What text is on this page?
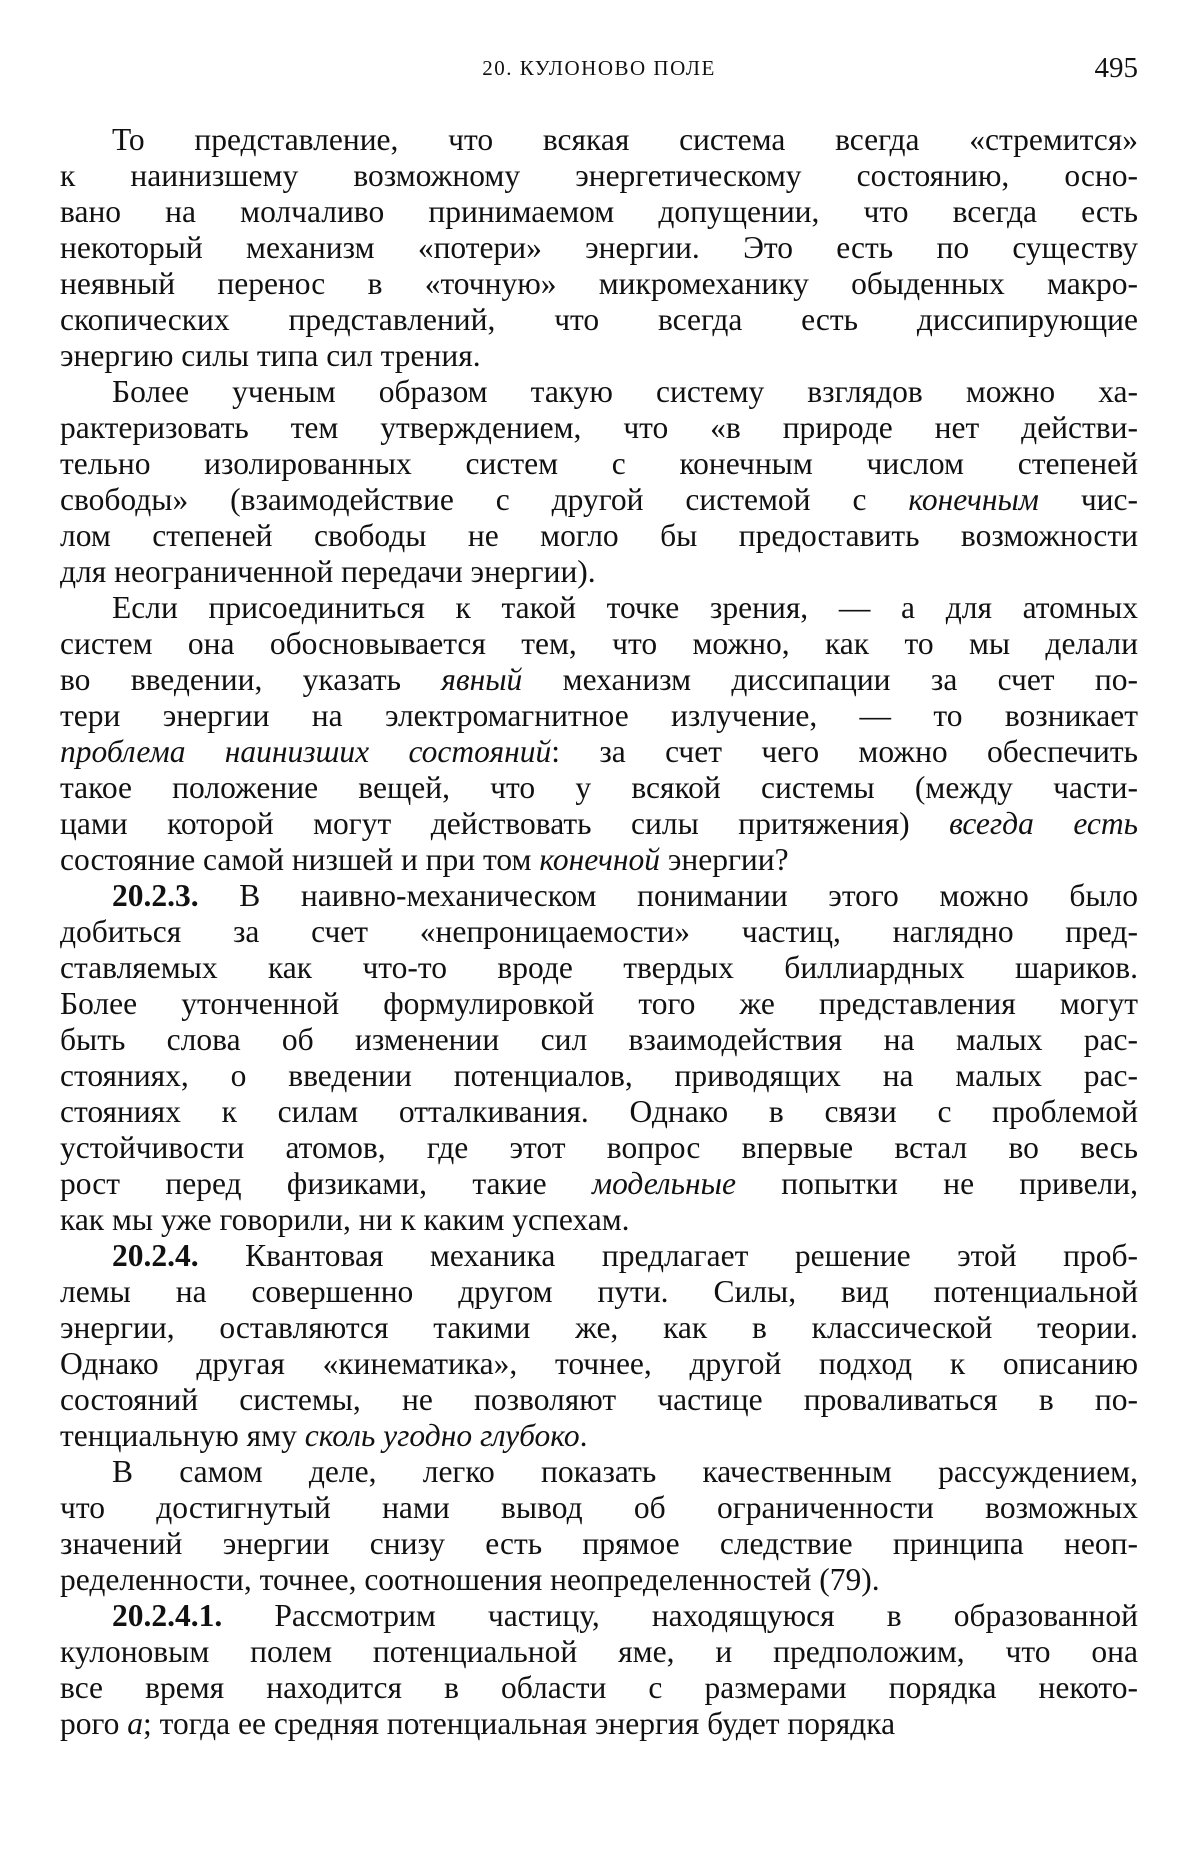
20. КУЛОНОВО ПОЛЕ	495
То представление, что всякая система всегда «стремится»
к наинизшему возможному энергетическому состоянию, осно-
вано на молчаливо принимаемом допущении, что всегда есть
некоторый механизм «потери» энергии. Это есть по существу
неявный перенос в «точную» микромеханику обыденных макро-
скопических представлений, что всегда есть диссипирующие
энергию силы типа сил трения.
Более ученым образом такую систему взглядов можно ха-
рактеризовать тем утверждением, что «в природе нет действи-
тельно изолированных систем с конечным числом степеней
свободы» (взаимодействие с другой системой с конечным чис-
лом степеней свободы не могло бы предоставить возможности
для неограниченной передачи энергии).
Если присоединиться к такой точке зрения, — а для атомных
систем она обосновывается тем, что можно, как то мы делали
во введении, указать явный механизм диссипации за счет по-
тери энергии на электромагнитное излучение, — то возникает
проблема наинизших состояний: за счет чего можно обеспечить
такое положение вещей, что у всякой системы (между части-
цами которой могут действовать силы притяжения) всегда есть
состояние самой низшей и при том конечной энергии?
20.2.3. В наивно-механическом понимании этого можно было
добиться за счет «непроницаемости» частиц, наглядно пред-
ставляемых как что-то вроде твердых биллиардных шариков.
Более утонченной формулировкой того же представления могут
быть слова об изменении сил взаимодействия на малых рас-
стояниях, о введении потенциалов, приводящих на малых рас-
стояниях к силам отталкивания. Однако в связи с проблемой
устойчивости атомов, где этот вопрос впервые встал во весь
рост перед физиками, такие модельные попытки не привели,
как мы уже говорили, ни к каким успехам.
20.2.4. Квантовая механика предлагает решение этой проб-
лемы на совершенно другом пути. Силы, вид потенциальной
энергии, оставляются такими же, как в классической теории.
Однако другая «кинематика», точнее, другой подход к описанию
состояний системы, не позволяют частице проваливаться в по-
тенциальную яму сколь угодно глубоко.
В самом деле, легко показать качественным рассуждением,
что достигнутый нами вывод об ограниченности возможных
значений энергии снизу есть прямое следствие принципа неоп-
ределенности, точнее, соотношения неопределенностей (79).
20.2.4.1. Рассмотрим частицу, находящуюся в образованной
кулоновым полем потенциальной яме, и предположим, что она
все время находится в области с размерами порядка некото-
рого a; тогда ее средняя потенциальная энергия будет порядка
